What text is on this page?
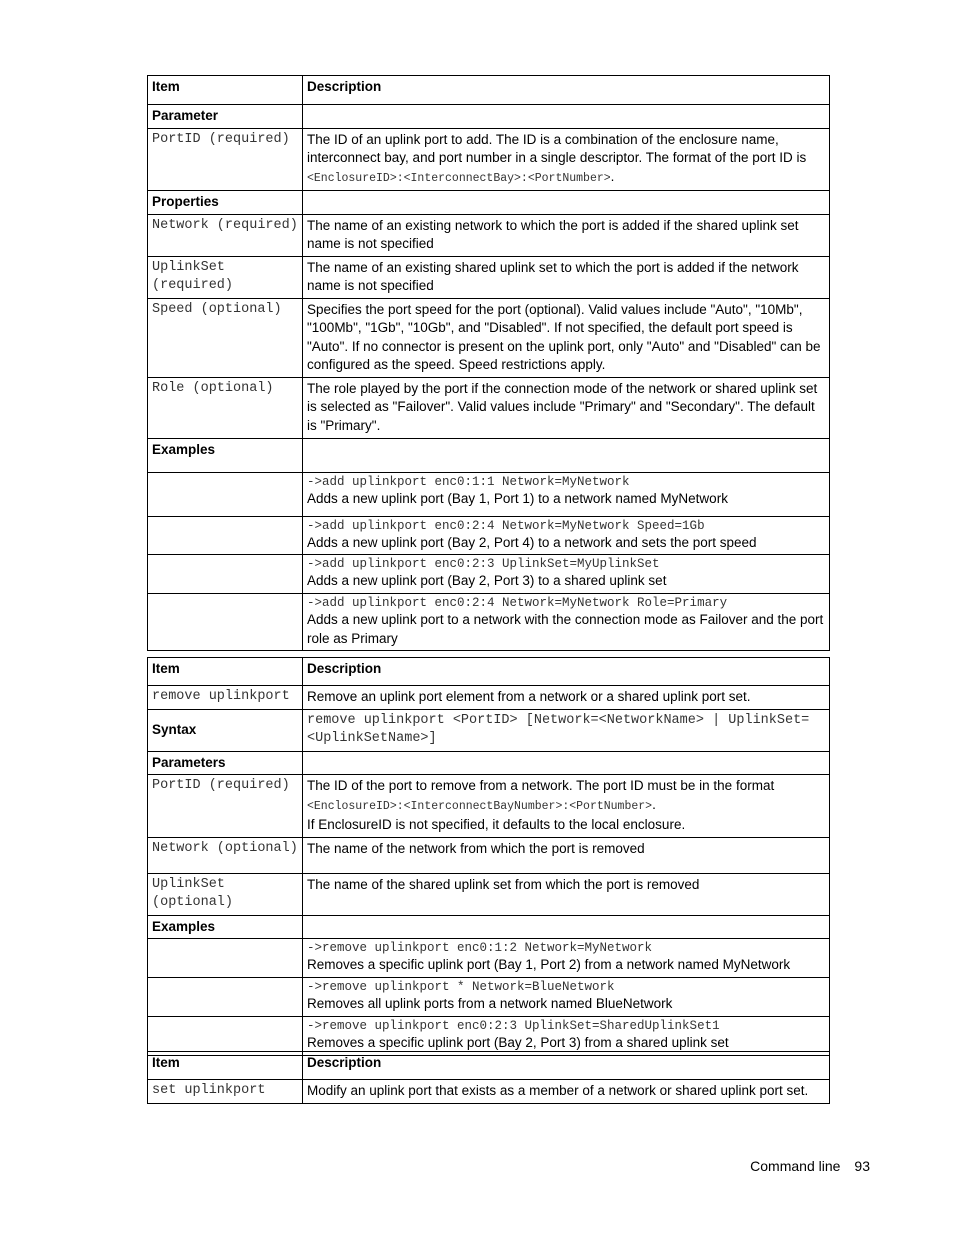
Item	Description
Parameter	
PortID (required)	The ID of an uplink port to add. The ID is a combination of the enclosure name, interconnect bay, and port number in a single descriptor. The format of the port ID is <EnclosureID>:<InterconnectBay>:<PortNumber>.
Properties	
Network (required)	The name of an existing network to which the port is added if the shared uplink set name is not specified
UplinkSet (required)	The name of an existing shared uplink set to which the port is added if the network name is not specified
Speed (optional)	Specifies the port speed for the port (optional). Valid values include "Auto", "10Mb", "100Mb", "1Gb", "10Gb", and "Disabled". If not specified, the default port speed is "Auto". If no connector is present on the uplink port, only "Auto" and "Disabled" can be configured as the speed. Speed restrictions apply.
Role (optional)	The role played by the port if the connection mode of the network or shared uplink set is selected as "Failover". Valid values include "Primary" and "Secondary". The default is "Primary".
Examples	

	->add uplinkport enc0:1:1 Network=MyNetwork
Adds a new uplink port (Bay 1, Port 1) to a network named MyNetwork

	->add uplinkport enc0:2:4 Network=MyNetwork Speed=1Gb
Adds a new uplink port (Bay 2, Port 4) to a network and sets the port speed

	->add uplinkport enc0:2:3 UplinkSet=MyUplinkSet
Adds a new uplink port (Bay 2, Port 3) to a shared uplink set

	->add uplinkport enc0:2:4 Network=MyNetwork Role=Primary
Adds a new uplink port to a network with the connection mode as Failover and the port role as Primary
Item	Description
remove uplinkport	Remove an uplink port element from a network or a shared uplink port set.
Syntax	remove uplinkport <PortID> [Network=<NetworkName> | UplinkSet=<UplinkSetName>]
Parameters	
PortID (required)	The ID of the port to remove from a network. The port ID must be in the format
<EnclosureID>:<InterconnectBayNumber>:<PortNumber>.
If EnclosureID is not specified, it defaults to the local enclosure.
Network (optional)	The name of the network from which the port is removed
UplinkSet (optional)	The name of the shared uplink set from which the port is removed
Examples	

	->remove uplinkport enc0:1:2 Network=MyNetwork
Removes a specific uplink port (Bay 1, Port 2) from a network named MyNetwork

	->remove uplinkport * Network=BlueNetwork
Removes all uplink ports from a network named BlueNetwork

	->remove uplinkport enc0:2:3 UplinkSet=SharedUplinkSet1
Removes a specific uplink port (Bay 2, Port 3) from a shared uplink set
Item	Description
set uplinkport	Modify an uplink port that exists as a member of a network or shared uplink port set.
Command line 93
